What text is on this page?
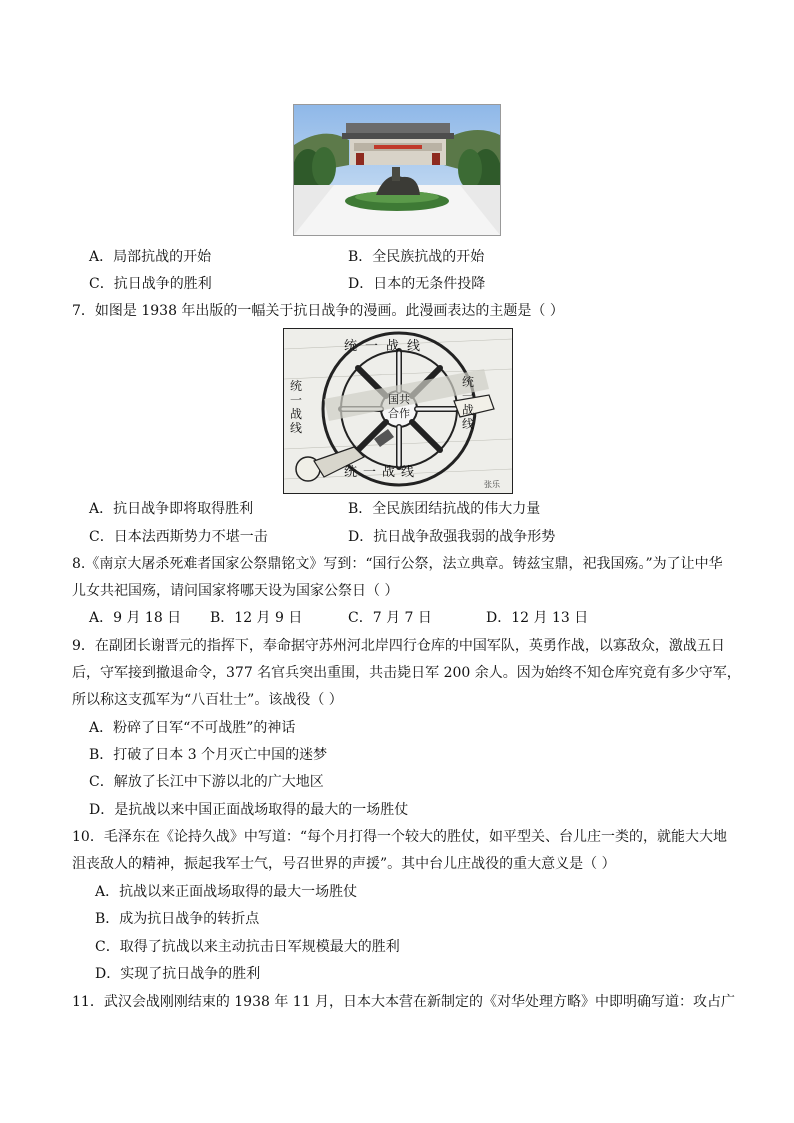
A．局部抗战的开始	B．全民族抗战的开始
C．抗日战争的胜利	D．日本的无条件投降
7．如图是 1938 年出版的一幅关于抗日战争的漫画。此漫画表达的主题是（ ）
张乐
统一战线
统一战线
统一战线
统一战线
国共
合作
A．抗日战争即将取得胜利	B．全民族团结抗战的伟大力量
C．日本法西斯势力不堪一击	D．抗日战争敌强我弱的战争形势
8.《南京大屠杀死难者国家公祭鼎铭文》写到：“国行公祭，法立典章。铸兹宝鼎，祀我国殇。”为了让中华
儿女共祀国殇，请问国家将哪天设为国家公祭日（ ）
A．9 月 18 日 B．12 月 9 日	C．7 月 7 日	D．12 月 13 日
9．在副团长谢晋元的指挥下，奉命据守苏州河北岸四行仓库的中国军队，英勇作战，以寡敌众，激战五日
后，守军接到撤退命令，377 名官兵突出重围，共击毙日军 200 余人。因为始终不知仓库究竟有多少守军，
所以称这支孤军为“八百壮士”。该战役（ ）
A．粉碎了日军“不可战胜”的神话
B．打破了日本 3 个月灭亡中国的迷梦
C．解放了长江中下游以北的广大地区
D．是抗战以来中国正面战场取得的最大的一场胜仗
10．毛泽东在《论持久战》中写道：“每个月打得一个较大的胜仗，如平型关、台儿庄一类的，就能大大地
沮丧敌人的精神，振起我军士气，号召世界的声援”。其中台儿庄战役的重大意义是（ ）
A．抗战以来正面战场取得的最大一场胜仗
B．成为抗日战争的转折点
C．取得了抗战以来主动抗击日军规模最大的胜利
D．实现了抗日战争的胜利
11．武汉会战刚刚结束的 1938 年 11 月，日本大本营在新制定的《对华处理方略》中即明确写道：攻占广
